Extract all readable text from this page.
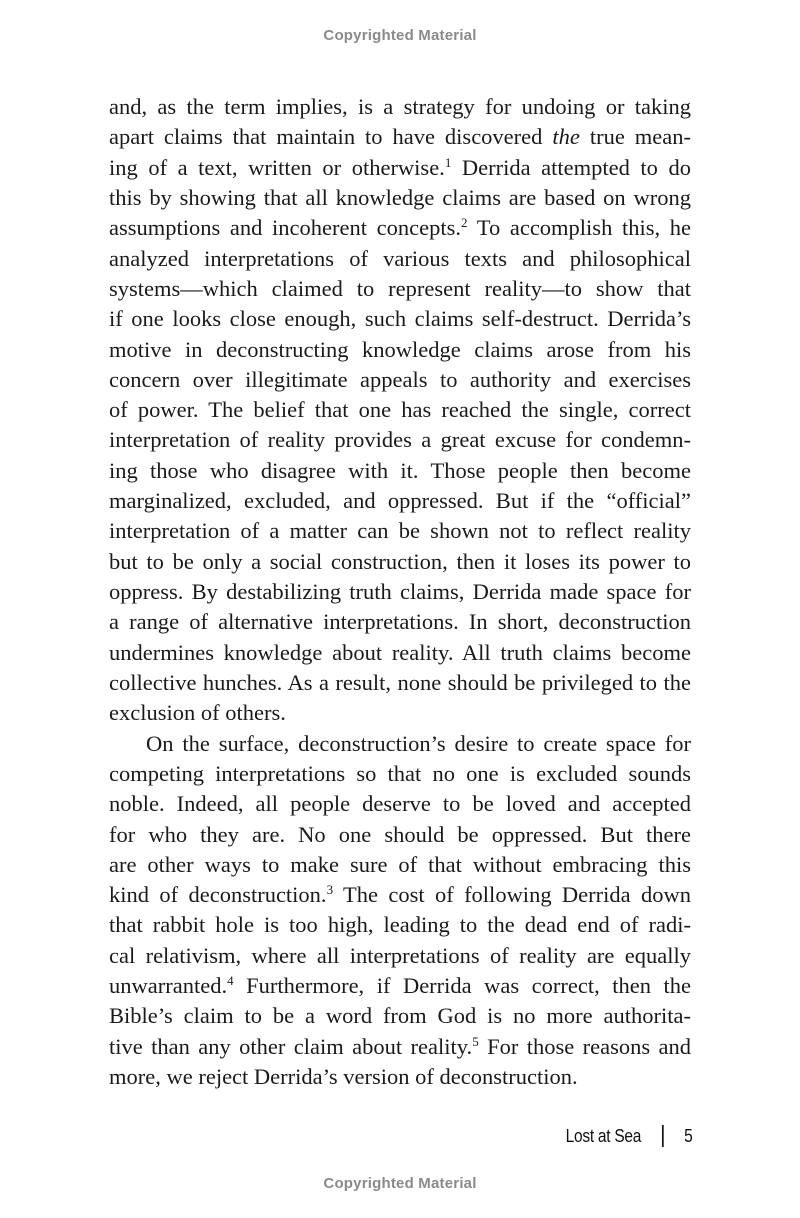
Copyrighted Material
and, as the term implies, is a strategy for undoing or taking
apart claims that maintain to have discovered the true mean-
ing of a text, written or otherwise.$^1$ Derrida attempted to do
this by showing that all knowledge claims are based on wrong
assumptions and incoherent concepts.$^2$ To accomplish this, he
analyzed interpretations of various texts and philosophical
systems—which claimed to represent reality—to show that
if one looks close enough, such claims self-destruct. Derrida’s
motive in deconstructing knowledge claims arose from his
concern over illegitimate appeals to authority and exercises
of power. The belief that one has reached the single, correct
interpretation of reality provides a great excuse for condemn-
ing those who disagree with it. Those people then become
marginalized, excluded, and oppressed. But if the “official”
interpretation of a matter can be shown not to reflect reality
but to be only a social construction, then it loses its power to
oppress. By destabilizing truth claims, Derrida made space for
a range of alternative interpretations. In short, deconstruction
undermines knowledge about reality. All truth claims become
collective hunches. As a result, none should be privileged to the
exclusion of others.
On the surface, deconstruction’s desire to create space for
competing interpretations so that no one is excluded sounds
noble. Indeed, all people deserve to be loved and accepted
for who they are. No one should be oppressed. But there
are other ways to make sure of that without embracing this
kind of deconstruction.$^3$ The cost of following Derrida down
that rabbit hole is too high, leading to the dead end of radi-
cal relativism, where all interpretations of reality are equally
unwarranted.$^4$ Furthermore, if Derrida was correct, then the
Bible’s claim to be a word from God is no more authorita-
tive than any other claim about reality.$^5$ For those reasons and
more, we reject Derrida’s version of deconstruction.
Lost at Sea 5
Copyrighted Material
